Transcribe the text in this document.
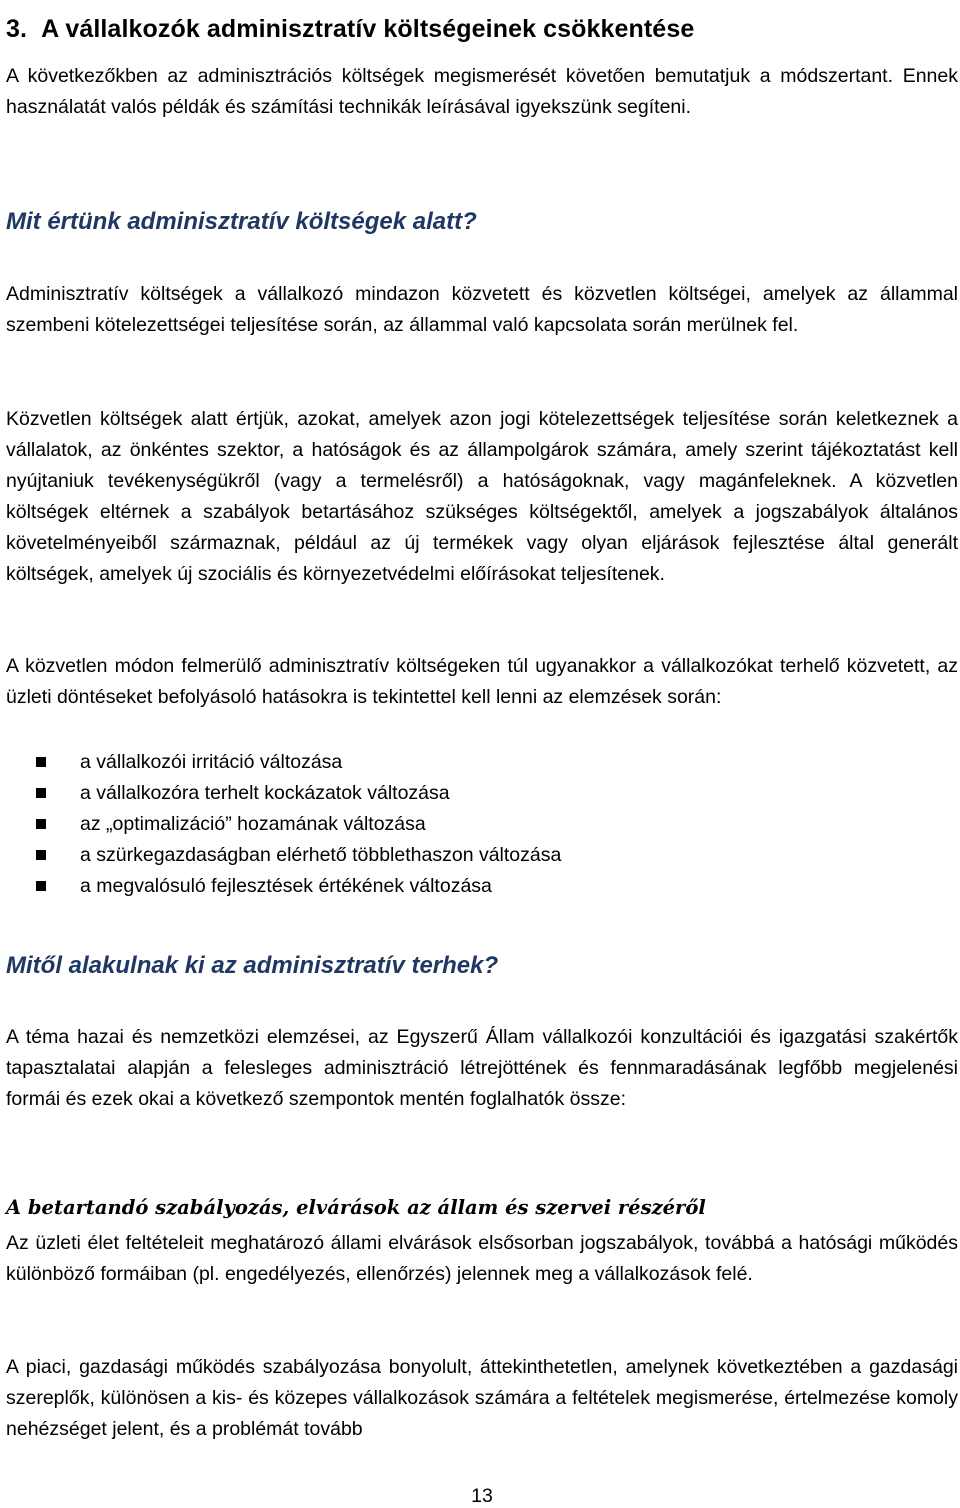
3. A vállalkozók adminisztratív költségeinek csökkentése

A következőkben az adminisztrációs költségek megismerését követően bemutatjuk a módszertant. Ennek használatát valós példák és számítási technikák leírásával igyekszünk segíteni.

Mit értünk adminisztratív költségek alatt?

Adminisztratív költségek a vállalkozó mindazon közvetett és közvetlen költségei, amelyek az állammal szembeni kötelezettségei teljesítése során, az állammal való kapcsolata során merülnek fel.

Közvetlen költségek alatt értjük, azokat, amelyek azon jogi kötelezettségek teljesítése során keletkeznek a vállalatok, az önkéntes szektor, a hatóságok és az állampolgárok számára, amely szerint tájékoztatást kell nyújtaniuk tevékenységükről (vagy a termelésről) a hatóságoknak, vagy magánfeleknek. A közvetlen költségek eltérnek a szabályok betartásához szükséges költségektől, amelyek a jogszabályok általános követelményeiből származnak, például az új termékek vagy olyan eljárások fejlesztése által generált költségek, amelyek új szociális és környezetvédelmi előírásokat teljesítenek.

A közvetlen módon felmerülő adminisztratív költségeken túl ugyanakkor a vállalkozókat terhelő közvetett, az üzleti döntéseket befolyásoló hatásokra is tekintettel kell lenni az elemzések során:

a vállalkozói irritáció változása
a vállalkozóra terhelt kockázatok változása
az „optimalizáció” hozamának változása
a szürkegazdaságban elérhető többlethaszon változása
a megvalósuló fejlesztések értékének változása
Mitől alakulnak ki az adminisztratív terhek?

A téma hazai és nemzetközi elemzései, az Egyszerű Állam vállalkozói konzultációi és igazgatási szakértők tapasztalatai alapján a felesleges adminisztráció létrejöttének és fennmaradásának legfőbb megjelenési formái és ezek okai a következő szempontok mentén foglalhatók össze:

A betartandó szabályozás, elvárások az állam és szervei részéről

Az üzleti élet feltételeit meghatározó állami elvárások elsősorban jogszabályok, továbbá a hatósági működés különböző formáiban (pl. engedélyezés, ellenőrzés) jelennek meg a vállalkozások felé.

A piaci, gazdasági működés szabályozása bonyolult, áttekinthetetlen, amelynek következtében a gazdasági szereplők, különösen a kis- és közepes vállalkozások számára a feltételek megismerése, értelmezése komoly nehézséget jelent, és a problémát tovább

13
